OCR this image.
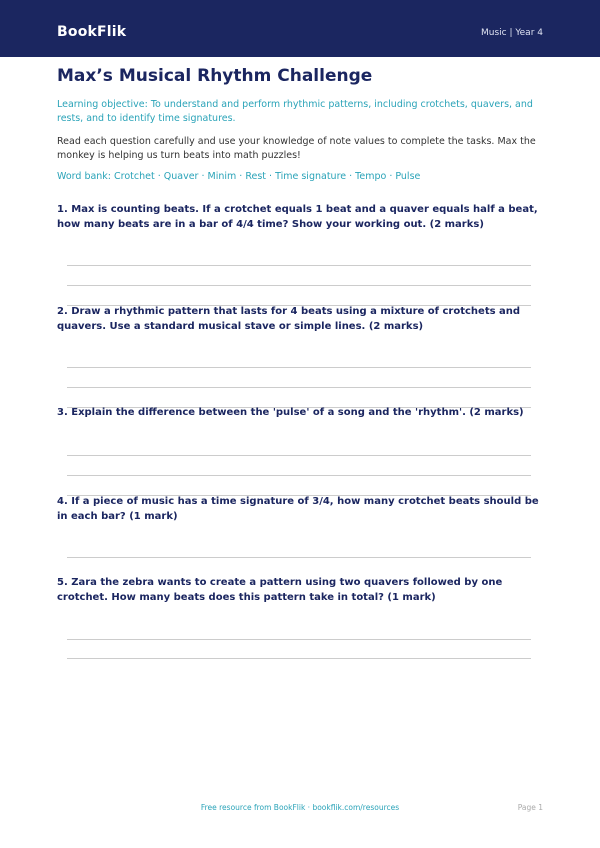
BookFlik	Music | Year 4
Max’s Musical Rhythm Challenge

Learning objective: To understand and perform rhythmic patterns, including crotchets, quavers, and rests, and to identify time signatures.

Read each question carefully and use your knowledge of note values to complete the tasks. Max the monkey is helping us turn beats into math puzzles!

Word bank: Crotchet · Quaver · Minim · Rest · Time signature · Tempo · Pulse

1. Max is counting beats. If a crotchet equals 1 beat and a quaver equals half a beat, how many beats are in a bar of 4/4 time? Show your working out. (2 marks)

2. Draw a rhythmic pattern that lasts for 4 beats using a mixture of crotchets and quavers. Use a standard musical stave or simple lines. (2 marks)

3. Explain the difference between the 'pulse' of a song and the 'rhythm'. (2 marks)

4. If a piece of music has a time signature of 3/4, how many crotchet beats should be in each bar? (1 mark)

5. Zara the zebra wants to create a pattern using two quavers followed by one crotchet. How many beats does this pattern take in total? (1 mark)

Free resource from BookFlik · bookflik.com/resources	Page 1
